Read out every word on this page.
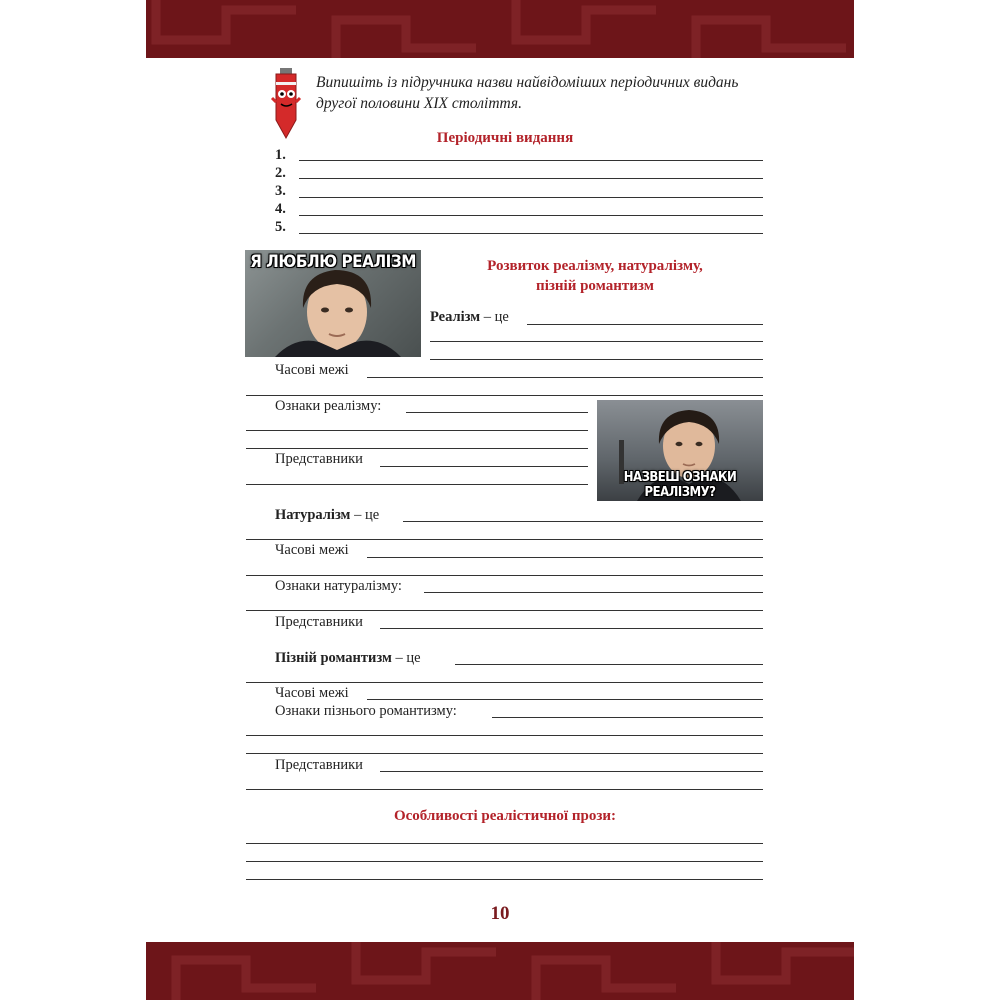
Випишіть із підручника назви найвідоміших періодичних видань другої половини XIX століття.
Періодичні видання
1.
2.
3.
4.
5.
Я ЛЮБЛЮ РЕАЛІЗМ	Розвиток реалізму, натуралізму,
пізній романтизм
Реалізм – це
Часові межі
Ознаки реалізму:
Представники
НАЗВЕШ ОЗНАКИ РЕАЛІЗМУ?
Натуралізм – це
Часові межі
Ознаки натуралізму:
Представники
Пізній романтизм – це
Часові межі
Ознаки пізнього романтизму:
Представники
Особливості реалістичної прози:
10
